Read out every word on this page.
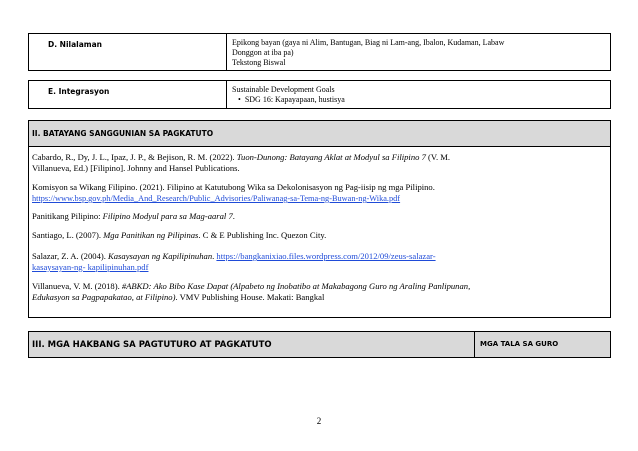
D. Nilalaman	Epikong bayan (gaya ni Alim, Bantugan, Biag ni Lam-ang, Ibalon, Kudaman, Labaw
Donggon at iba pa)
Tekstong Biswal
E. Integrasyon	Sustainable Development Goals
• SDG 16: Kapayapaan, hustisya
II. BATAYANG SANGGUNIAN SA PAGKATUTO
Cabardo, R., Dy, J. L., Ipaz, J. P., & Bejison, R. M. (2022). Tuon-Dunong: Batayang Aklat at Modyul sa Filipino 7 (V. M.
Villanueva, Ed.) [Filipino]. Johnny and Hansel Publications.
Komisyon sa Wikang Filipino. (2021). Filipino at Katutubong Wika sa Dekolonisasyon ng Pag-iisip ng mga Pilipino.
https://www.bsp.gov.ph/Media_And_Research/Public_Advisories/Paliwanag-sa-Tema-ng-Buwan-ng-Wika.pdf
Panitikang Pilipino: Filipino Modyul para sa Mag-aaral 7.
Santiago, L. (2007). Mga Panitikan ng Pilipinas. C & E Publishing Inc. Quezon City.
Salazar, Z. A. (2004). Kasaysayan ng Kapilipinuhan. https://bangkanixiao.files.wordpress.com/2012/09/zeus-salazar-
kasaysayan-ng- kapilipinuhan.pdf
Villanueva, V. M. (2018). #ABKD: Ako Bibo Kase Dapat (Alpabeto ng Inobatibo at Makabagong Guro ng Araling Panlipunan,
Edukasyon sa Pagpapakatao, at Filipino). VMV Publishing House. Makati: Bangkal
III. MGA HAKBANG SA PAGTUTURO AT PAGKATUTO	MGA TALA SA GURO
2
